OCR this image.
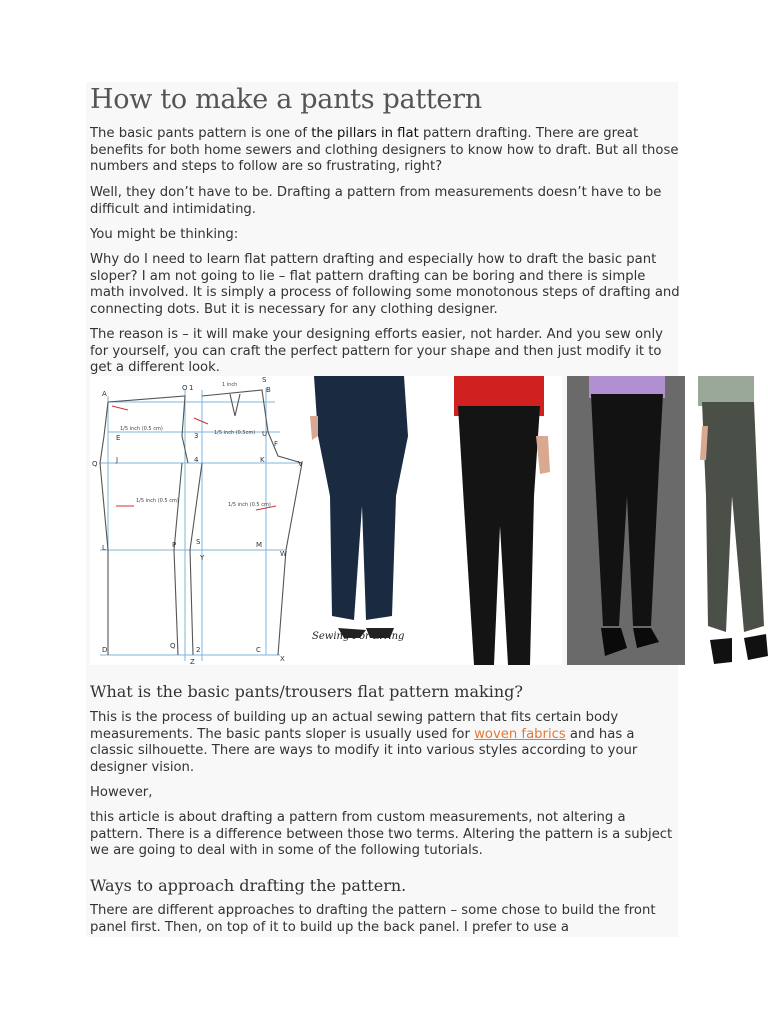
How to make a pants pattern

The basic pants pattern is one of the pillars in flat pattern drafting. There are great benefits for both home sewers and clothing designers to know how to draft. But all those numbers and steps to follow are so frustrating, right?

Well, they don’t have to be. Drafting a pattern from measurements doesn’t have to be difficult and intimidating.

You might be thinking:

Why do I need to learn flat pattern drafting and especially how to draft the basic pant sloper? I am not going to lie – flat pattern drafting can be boring and there is simple math involved. It is simply a process of following some monotonous steps of drafting and connecting dots. But it is necessary for any clothing designer.

The reason is – it will make your designing efforts easier, not harder. And you sew only for yourself, you can craft the perfect pattern for your shape and then just modify it to get a different look.

A
O 1	B
S
E	3	U
F
Q	J	4	K	V
P	S	M
W
L
Y
D	Q	2	C
Z	X
1 inch
1/5 inch (0.5 cm)
1/5 inch (0.5cm)
1/5 inch (0.5 cm)
1/5 inch (0.5 cm)
Sewing For Living
What is the basic pants/trousers flat pattern making?

This is the process of building up an actual sewing pattern that fits certain body measurements. The basic pants sloper is usually used for woven fabrics and has a classic silhouette. There are ways to modify it into various styles according to your designer vision.

However,

this article is about drafting a pattern from custom measurements, not altering a pattern. There is a difference between those two terms. Altering the pattern is a subject we are going to deal with in some of the following tutorials.

Ways to approach drafting the pattern.

There are different approaches to drafting the pattern – some chose to build the front panel first. Then, on top of it to build up the back panel. I prefer to use a
